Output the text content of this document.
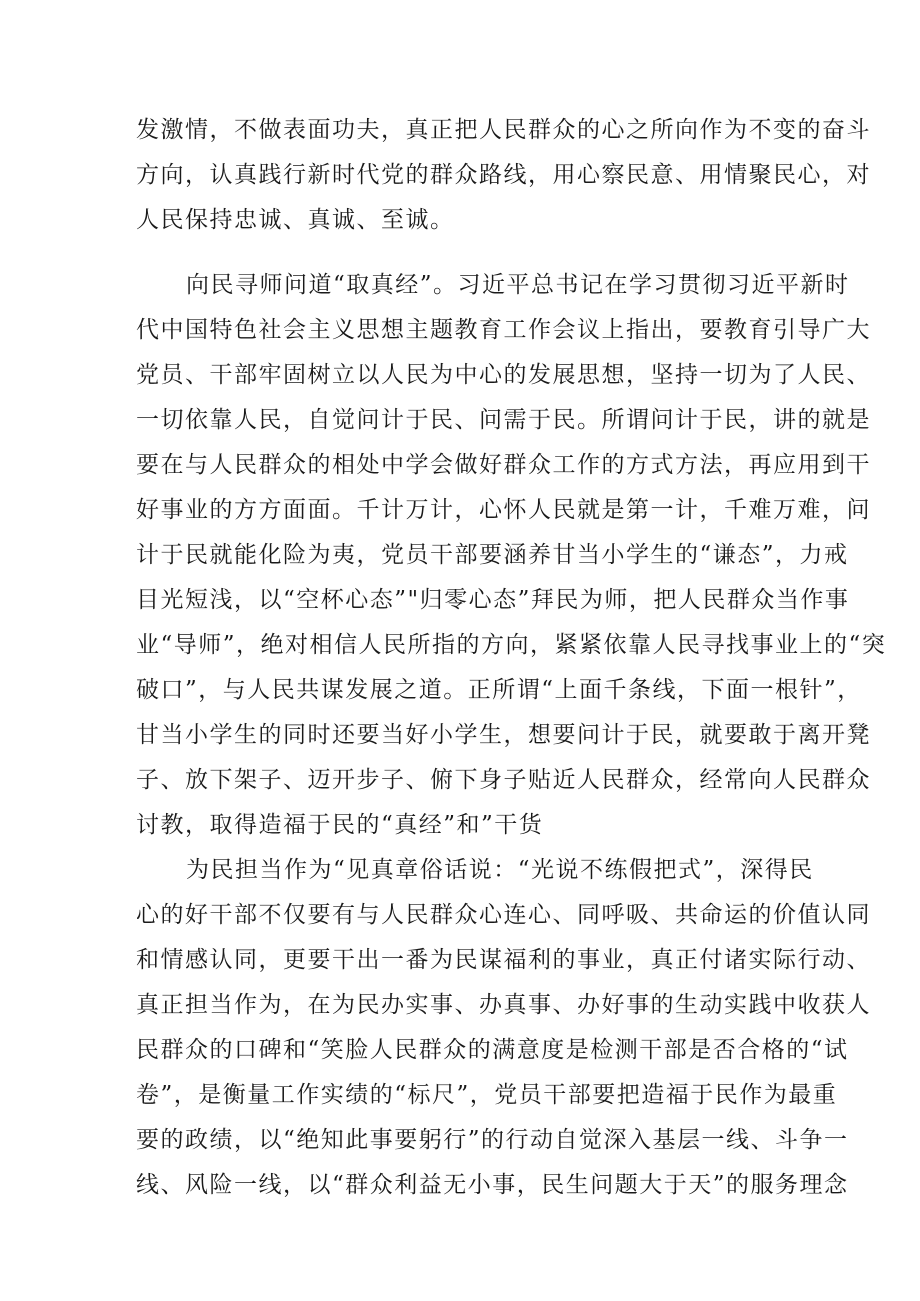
发激情，不做表面功夫，真正把人民群众的心之所向作为不变的奋斗
方向，认真践行新时代党的群众路线，用心察民意、用情聚民心，对
人民保持忠诚、真诚、至诚。
向民寻师问道“取真经”。习近平总书记在学习贯彻习近平新时
代中国特色社会主义思想主题教育工作会议上指出，要教育引导广大
党员、干部牢固树立以人民为中心的发展思想，坚持一切为了人民、
一切依靠人民，自觉问计于民、问需于民。所谓问计于民，讲的就是
要在与人民群众的相处中学会做好群众工作的方式方法，再应用到干
好事业的方方面面。千计万计，心怀人民就是第一计，千难万难，问
计于民就能化险为夷，党员干部要涵养甘当小学生的“谦态”，力戒
目光短浅，以“空杯心态”"归零心态”拜民为师，把人民群众当作事
业“导师”，绝对相信人民所指的方向，紧紧依靠人民寻找事业上的“突
破口”，与人民共谋发展之道。正所谓“上面千条线，下面一根针”，
甘当小学生的同时还要当好小学生，想要问计于民，就要敢于离开凳
子、放下架子、迈开步子、俯下身子贴近人民群众，经常向人民群众
讨教，取得造福于民的“真经”和”干货
为民担当作为“见真章俗话说：“光说不练假把式”，深得民
心的好干部不仅要有与人民群众心连心、同呼吸、共命运的价值认同
和情感认同，更要干出一番为民谋福利的事业，真正付诸实际行动、
真正担当作为，在为民办实事、办真事、办好事的生动实践中收获人
民群众的口碑和“笑脸人民群众的满意度是检测干部是否合格的“试
卷”，是衡量工作实绩的“标尺”，党员干部要把造福于民作为最重
要的政绩，以“绝知此事要躬行”的行动自觉深入基层一线、斗争一
线、风险一线，以“群众利益无小事，民生问题大于天”的服务理念
